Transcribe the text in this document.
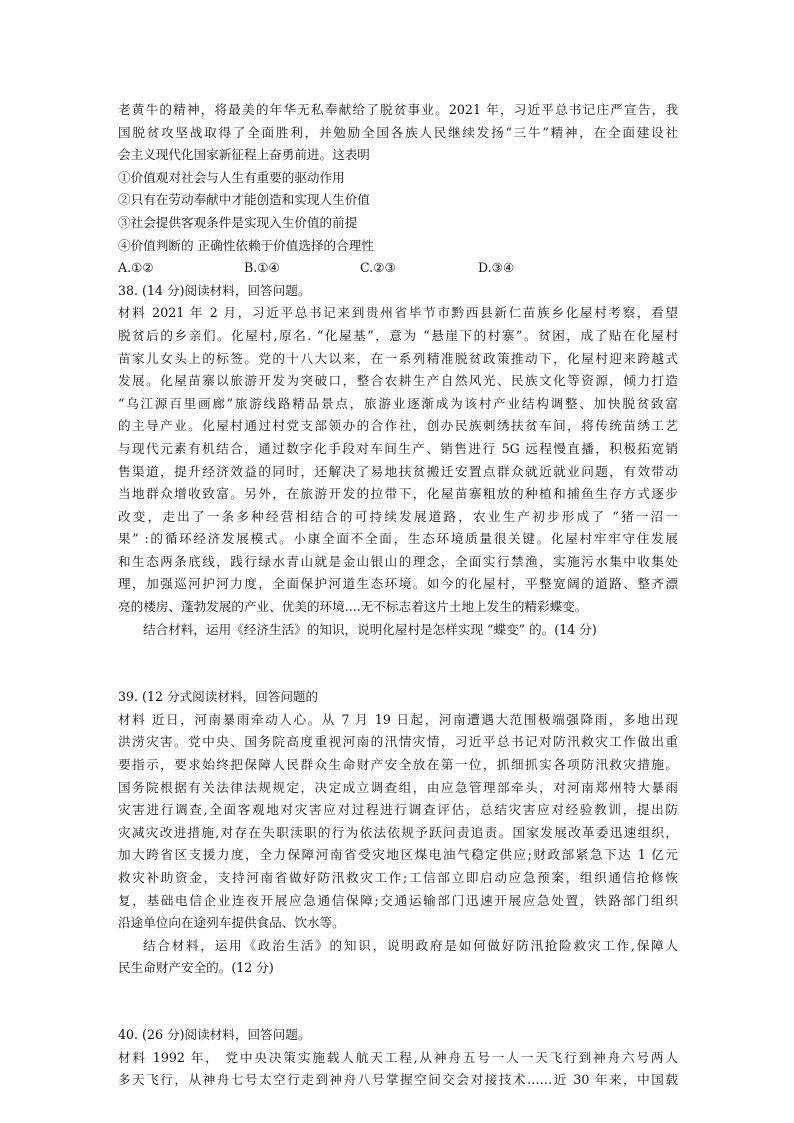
老黄牛的精神，将最美的年华无私奉献给了脱贫事业。2021 年，习近平总书记庄严宣告，我
国脱贫攻坚战取得了全面胜利，并勉励全国各族人民继续发扬“三牛”精神，在全面建设社
会主义现代化国家新征程上奋勇前进。这表明
①价值观对社会与人生有重要的驱动作用
②只有在劳动奉献中才能创造和实现人生价值
③社会提供客观条件是实现入生价值的前提
④价值判断的 正确性依赖于价值选择的合理性
A.①②	B.①④	C.②③	D.③④
38. (14 分)阅读材料，回答问题。
材料 2021 年 2 月，习近平总书记来到贵州省毕节市黔西县新仁苗族乡化屋村考察，看望
脱贫后的乡亲们。化屋村,原名. “化屋基”，意为 “悬崖下的村寨”。贫困，成了贴在化屋村
苗家儿女头上的标签。党的十八大以来，在一系列精准脱贫政策推动下，化屋村迎来跨越式
发展。化屋苗寨以旅游开发为突破口，整合农耕生产自然风光、民族文化等资源，倾力打造
“乌江源百里画廊”旅游线路精品景点，旅游业逐渐成为该村产业结构调整、加快脱贫致富
的主导产业。化屋村通过村党支部领办的合作社，创办民族刺绣扶贫车间，将传统苗绣工艺
与现代元素有机结合，通过数字化手段对车间生产、销售进行 5G 远程慢直播，积极拓宽销
售渠道，提升经济效益的同时，还解决了易地扶贫搬迁安置点群众就近就业问题，有效带动
当地群众增收致富。另外，在旅游开发的拉带下，化屋苗寨粗放的种植和捕鱼生存方式逐步
改变，走出了一条多种经营相结合的可持续发展道路，农业生产初步形成了 “猪一沼一
果” :的循环经济发展模式。小康全面不全面，生态环境质量很关键。化屋村牢牢守住发展
和生态两条底线，践行绿水青山就是金山银山的理念，全面实行禁渔，实施污水集中收集处
理，加强巡河护河力度，全面保护河道生态环境。如今的化屋村，平整宽阔的道路、整齐漂
亮的楼房、蓬勃发展的产业、优美的环境....无不标志着这片土地上发生的精彩蝶变。
结合材料，运用《经济生活》的知识，说明化屋村是怎样实现 “蝶变” 的。(14 分)
39. (12 分式阅读材料，回答问题的
材料 近日，河南暴雨牵动人心。从 7 月 19 日起，河南遭遇大范围极端强降雨，多地出现
洪涝灾害。党中央、国务院高度重视河南的汛情灾情，习近平总书记对防汛救灾工作做出重
要指示，要求始终把保障人民群众生命财产安全放在第一位，抓细抓实各项防汛救灾措施。
国务院根据有关法律法规规定，决定成立调查组，由应急管理部牵头，对河南郑州特大暴雨
灾害进行调查,全面客观地对灾害应对过程进行调查评估，总结灾害应对经验教训，提出防
灾减灾改进措施,对存在失职渎职的行为依法依规予跃问责追责。国家发展改革委迅速组织，
加大跨省区支援力度，全力保障河南省受灾地区煤电油气稳定供应;财政部紧急下达 1 亿元
救灾补助资金，支持河南省做好防汛救灾工作;工信部立即启动应急预案，组织通信抢修恢
复，基础电信企业连夜开展应急通信保障;交通运输部门迅速开展应急处置，铁路部门组织
沿途单位向在途列车提供食品、饮水等。
结合材料，运用《政治生活》的知识，说明政府是如何做好防汛抢险救灾工作,保障人
民生命财产安全的。(12 分)
40. (26 分)阅读材料，回答问题。
材料 1992 年， 党中央决策实施载人航天工程,从神舟五号一人一天飞行到神舟六号两人
多天飞行，从神舟七号太空行走到神舟八号掌握空间交会对接技术……近 30 年来，中国载
